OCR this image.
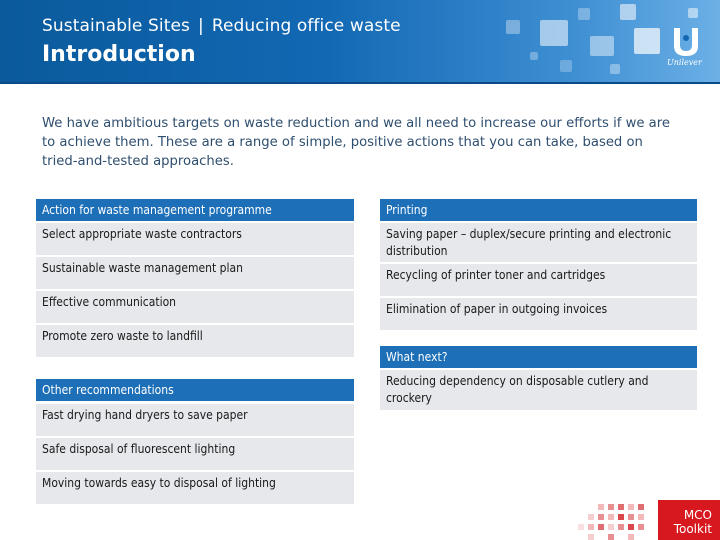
Sustainable Sites | Reducing office waste
Introduction	Unilever
We have ambitious targets on waste reduction and we all need to increase our efforts if we are to achieve them. These are a range of simple, positive actions that you can take, based on tried-and-tested approaches.
Action for waste management programme
Select appropriate waste contractors
Sustainable waste management plan
Effective communication
Promote zero waste to landfill
Printing
Saving paper – duplex/secure printing and electronic distribution
Recycling of printer toner and cartridges
Elimination of paper in outgoing invoices
What next?
Reducing dependency on disposable cutlery and crockery
Other recommendations
Fast drying hand dryers to save paper
Safe disposal of fluorescent lighting
Moving towards easy to disposal of lighting
MCO
Toolkit
